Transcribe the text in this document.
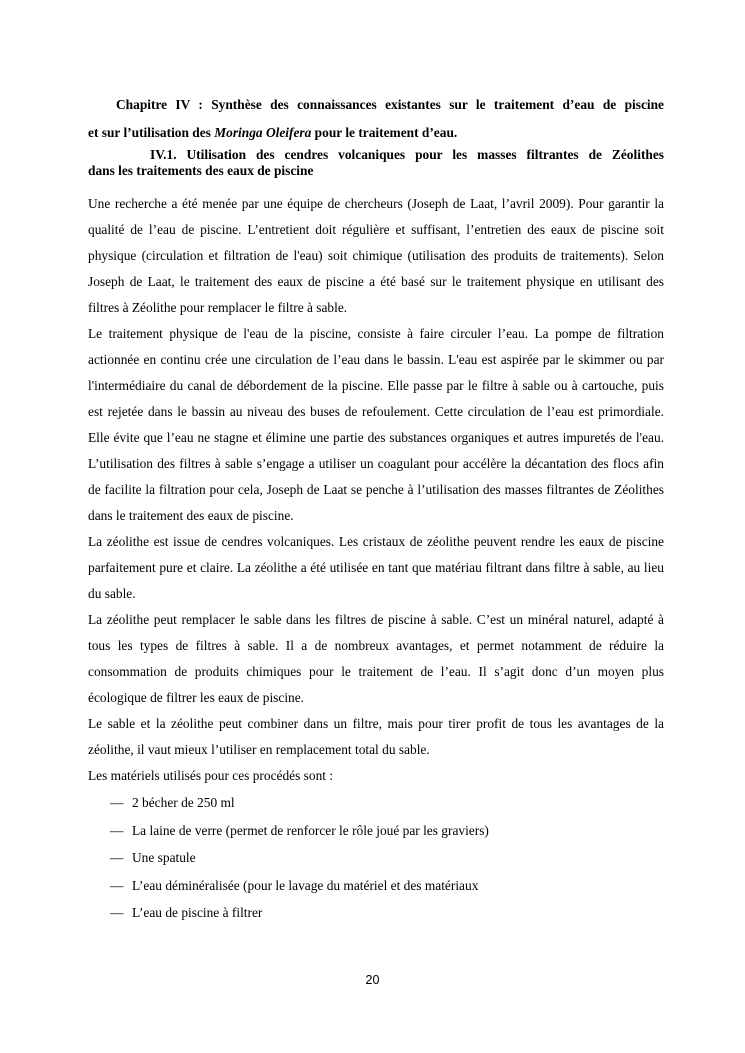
Chapitre IV : Synthèse des connaissances existantes sur le traitement d’eau de piscine
et sur l’utilisation des Moringa Oleifera pour le traitement d’eau.
IV.1. Utilisation des cendres volcaniques pour les masses filtrantes de Zéolithes
dans les traitements des eaux de piscine

Une recherche a été menée par une équipe de chercheurs (Joseph de Laat, l’avril 2009). Pour garantir la qualité de l’eau de piscine. L’entretient doit régulière et suffisant, l’entretien des eaux de piscine soit physique (circulation et filtration de l'eau) soit chimique (utilisation des produits de traitements). Selon Joseph de Laat, le traitement des eaux de piscine a été basé sur le traitement physique en utilisant des filtres à Zéolithe pour remplacer le filtre à sable.

Le traitement physique de l'eau de la piscine, consiste à faire circuler l’eau. La pompe de filtration actionnée en continu crée une circulation de l’eau dans le bassin. L'eau est aspirée par le skimmer ou par l'intermédiaire du canal de débordement de la piscine. Elle passe par le filtre à sable ou à cartouche, puis est rejetée dans le bassin au niveau des buses de refoulement. Cette circulation de l’eau est primordiale. Elle évite que l’eau ne stagne et élimine une partie des substances organiques et autres impuretés de l'eau. L’utilisation des filtres à sable s’engage a utiliser un coagulant pour accélère la décantation des flocs afin de facilite la filtration pour cela, Joseph de Laat se penche à l’utilisation des masses filtrantes de Zéolithes dans le traitement des eaux de piscine.

La zéolithe est issue de cendres volcaniques. Les cristaux de zéolithe peuvent rendre les eaux de piscine parfaitement pure et claire. La zéolithe a été utilisée en tant que matériau filtrant dans filtre à sable, au lieu du sable.

La zéolithe peut remplacer le sable dans les filtres de piscine à sable. C’est un minéral naturel, adapté à tous les types de filtres à sable. Il a de nombreux avantages, et permet notamment de réduire la consommation de produits chimiques pour le traitement de l’eau. Il s’agit donc d’un moyen plus écologique de filtrer les eaux de piscine.

Le sable et la zéolithe peut combiner dans un filtre, mais pour tirer profit de tous les avantages de la zéolithe, il vaut mieux l’utiliser en remplacement total du sable.

Les matériels utilisés pour ces procédés sont :

— 2 bécher de 250 ml
— La laine de verre (permet de renforcer le rôle joué par les graviers)
— Une spatule
— L’eau déminéralisée (pour le lavage du matériel et des matériaux
— L’eau de piscine à filtrer
20
